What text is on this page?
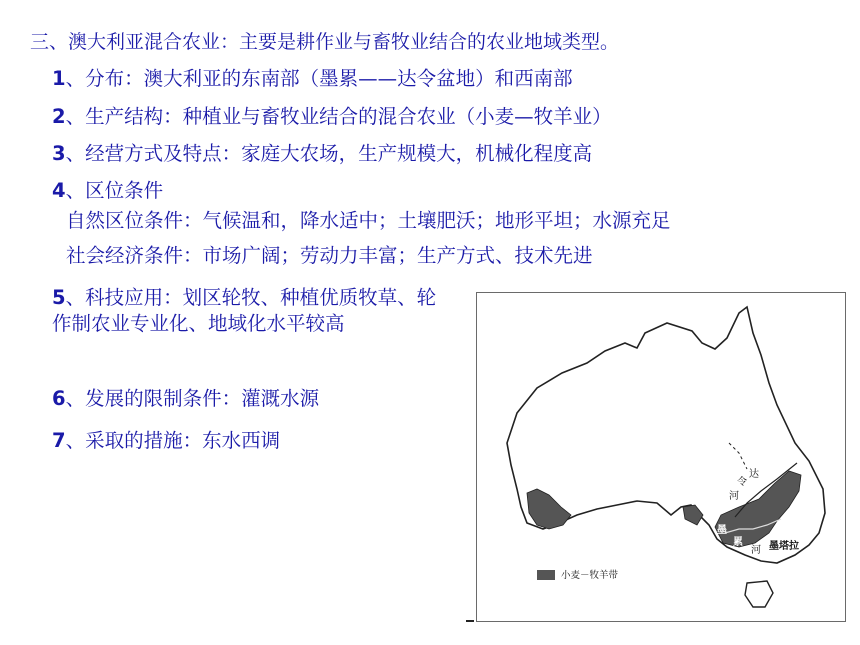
三、澳大利亚混合农业：主要是耕作业与畜牧业结合的农业地域类型。
1、分布：澳大利亚的东南部（墨累——达令盆地）和西南部
2、生产结构：种植业与畜牧业结合的混合农业（小麦—牧羊业）
3、经营方式及特点：家庭大农场，生产规模大，机械化程度高
4、区位条件
自然区位条件：气候温和，降水适中；土壤肥沃；地形平坦；水源充足
社会经济条件：市场广阔；劳动力丰富；生产方式、技术先进
5、科技应用：划区轮牧、种植优质牧草、轮作制农业专业化、地域化水平较高
6、发展的限制条件：灌溉水源
7、采取的措施：东水西调
达
令
河
墨
累
河 墨塔拉
小麦－牧羊带
